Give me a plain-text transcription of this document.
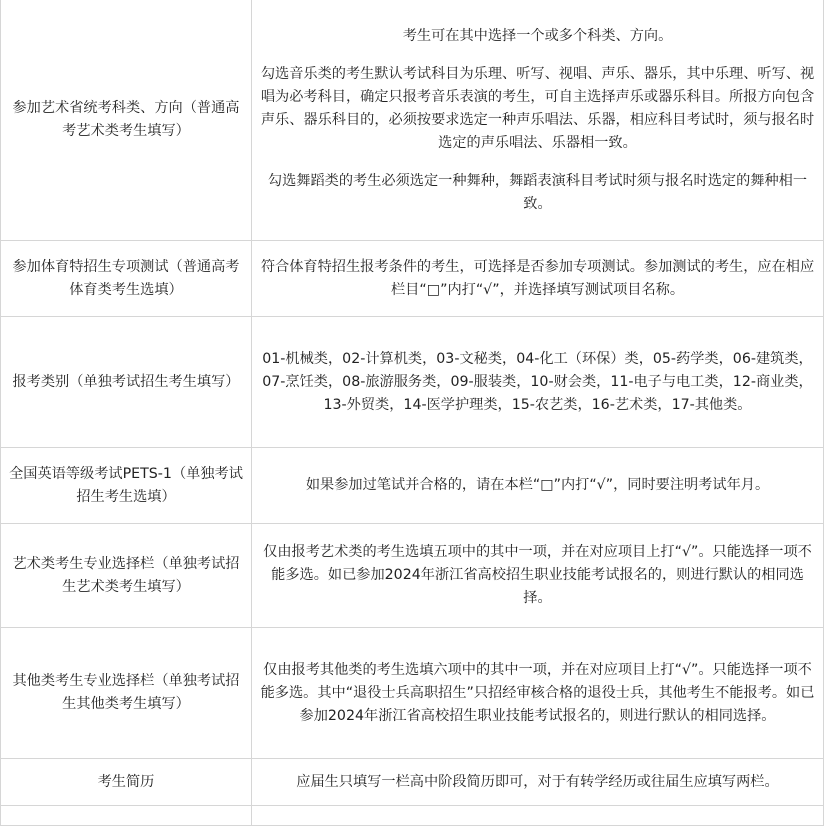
参加艺术省统考科类、方向（普通高考艺术类考生填写）	考生可在其中选择一个或多个科类、方向。

勾选音乐类的考生默认考试科目为乐理、听写、视唱、声乐、器乐，其中乐理、听写、视唱为必考科目，确定只报考音乐表演的考生，可自主选择声乐或器乐科目。所报方向包含声乐、器乐科目的，必须按要求选定一种声乐唱法、乐器，相应科目考试时，须与报名时选定的声乐唱法、乐器相一致。

勾选舞蹈类的考生必须选定一种舞种，舞蹈表演科目考试时须与报名时选定的舞种相一致。

参加体育特招生专项测试（普通高考体育类考生选填）	符合体育特招生报考条件的考生，可选择是否参加专项测试。参加测试的考生，应在相应栏目“□”内打“√”，并选择填写测试项目名称。

报考类别（单独考试招生考生填写）	01-机械类，02-计算机类，03-文秘类，04-化工（环保）类，05-药学类，06-建筑类，07-烹饪类，08-旅游服务类，09-服装类，10-财会类，11-电子与电工类，12-商业类，13-外贸类，14-医学护理类，15-农艺类，16-艺术类，17-其他类。

全国英语等级考试PETS-1（单独考试招生考生选填）	如果参加过笔试并合格的，请在本栏“□”内打“√”，同时要注明考试年月。

艺术类考生专业选择栏（单独考试招生艺术类考生填写）	仅由报考艺术类的考生选填五项中的其中一项，并在对应项目上打“√”。只能选择一项不能多选。如已参加2024年浙江省高校招生职业技能考试报名的，则进行默认的相同选择。

其他类考生专业选择栏（单独考试招生其他类考生填写）	仅由报考其他类的考生选填六项中的其中一项，并在对应项目上打“√”。只能选择一项不能多选。其中“退役士兵高职招生”只招经审核合格的退役士兵，其他考生不能报考。如已参加2024年浙江省高校招生职业技能考试报名的，则进行默认的相同选择。

考生简历	应届生只填写一栏高中阶段简历即可，对于有转学经历或往届生应填写两栏。
